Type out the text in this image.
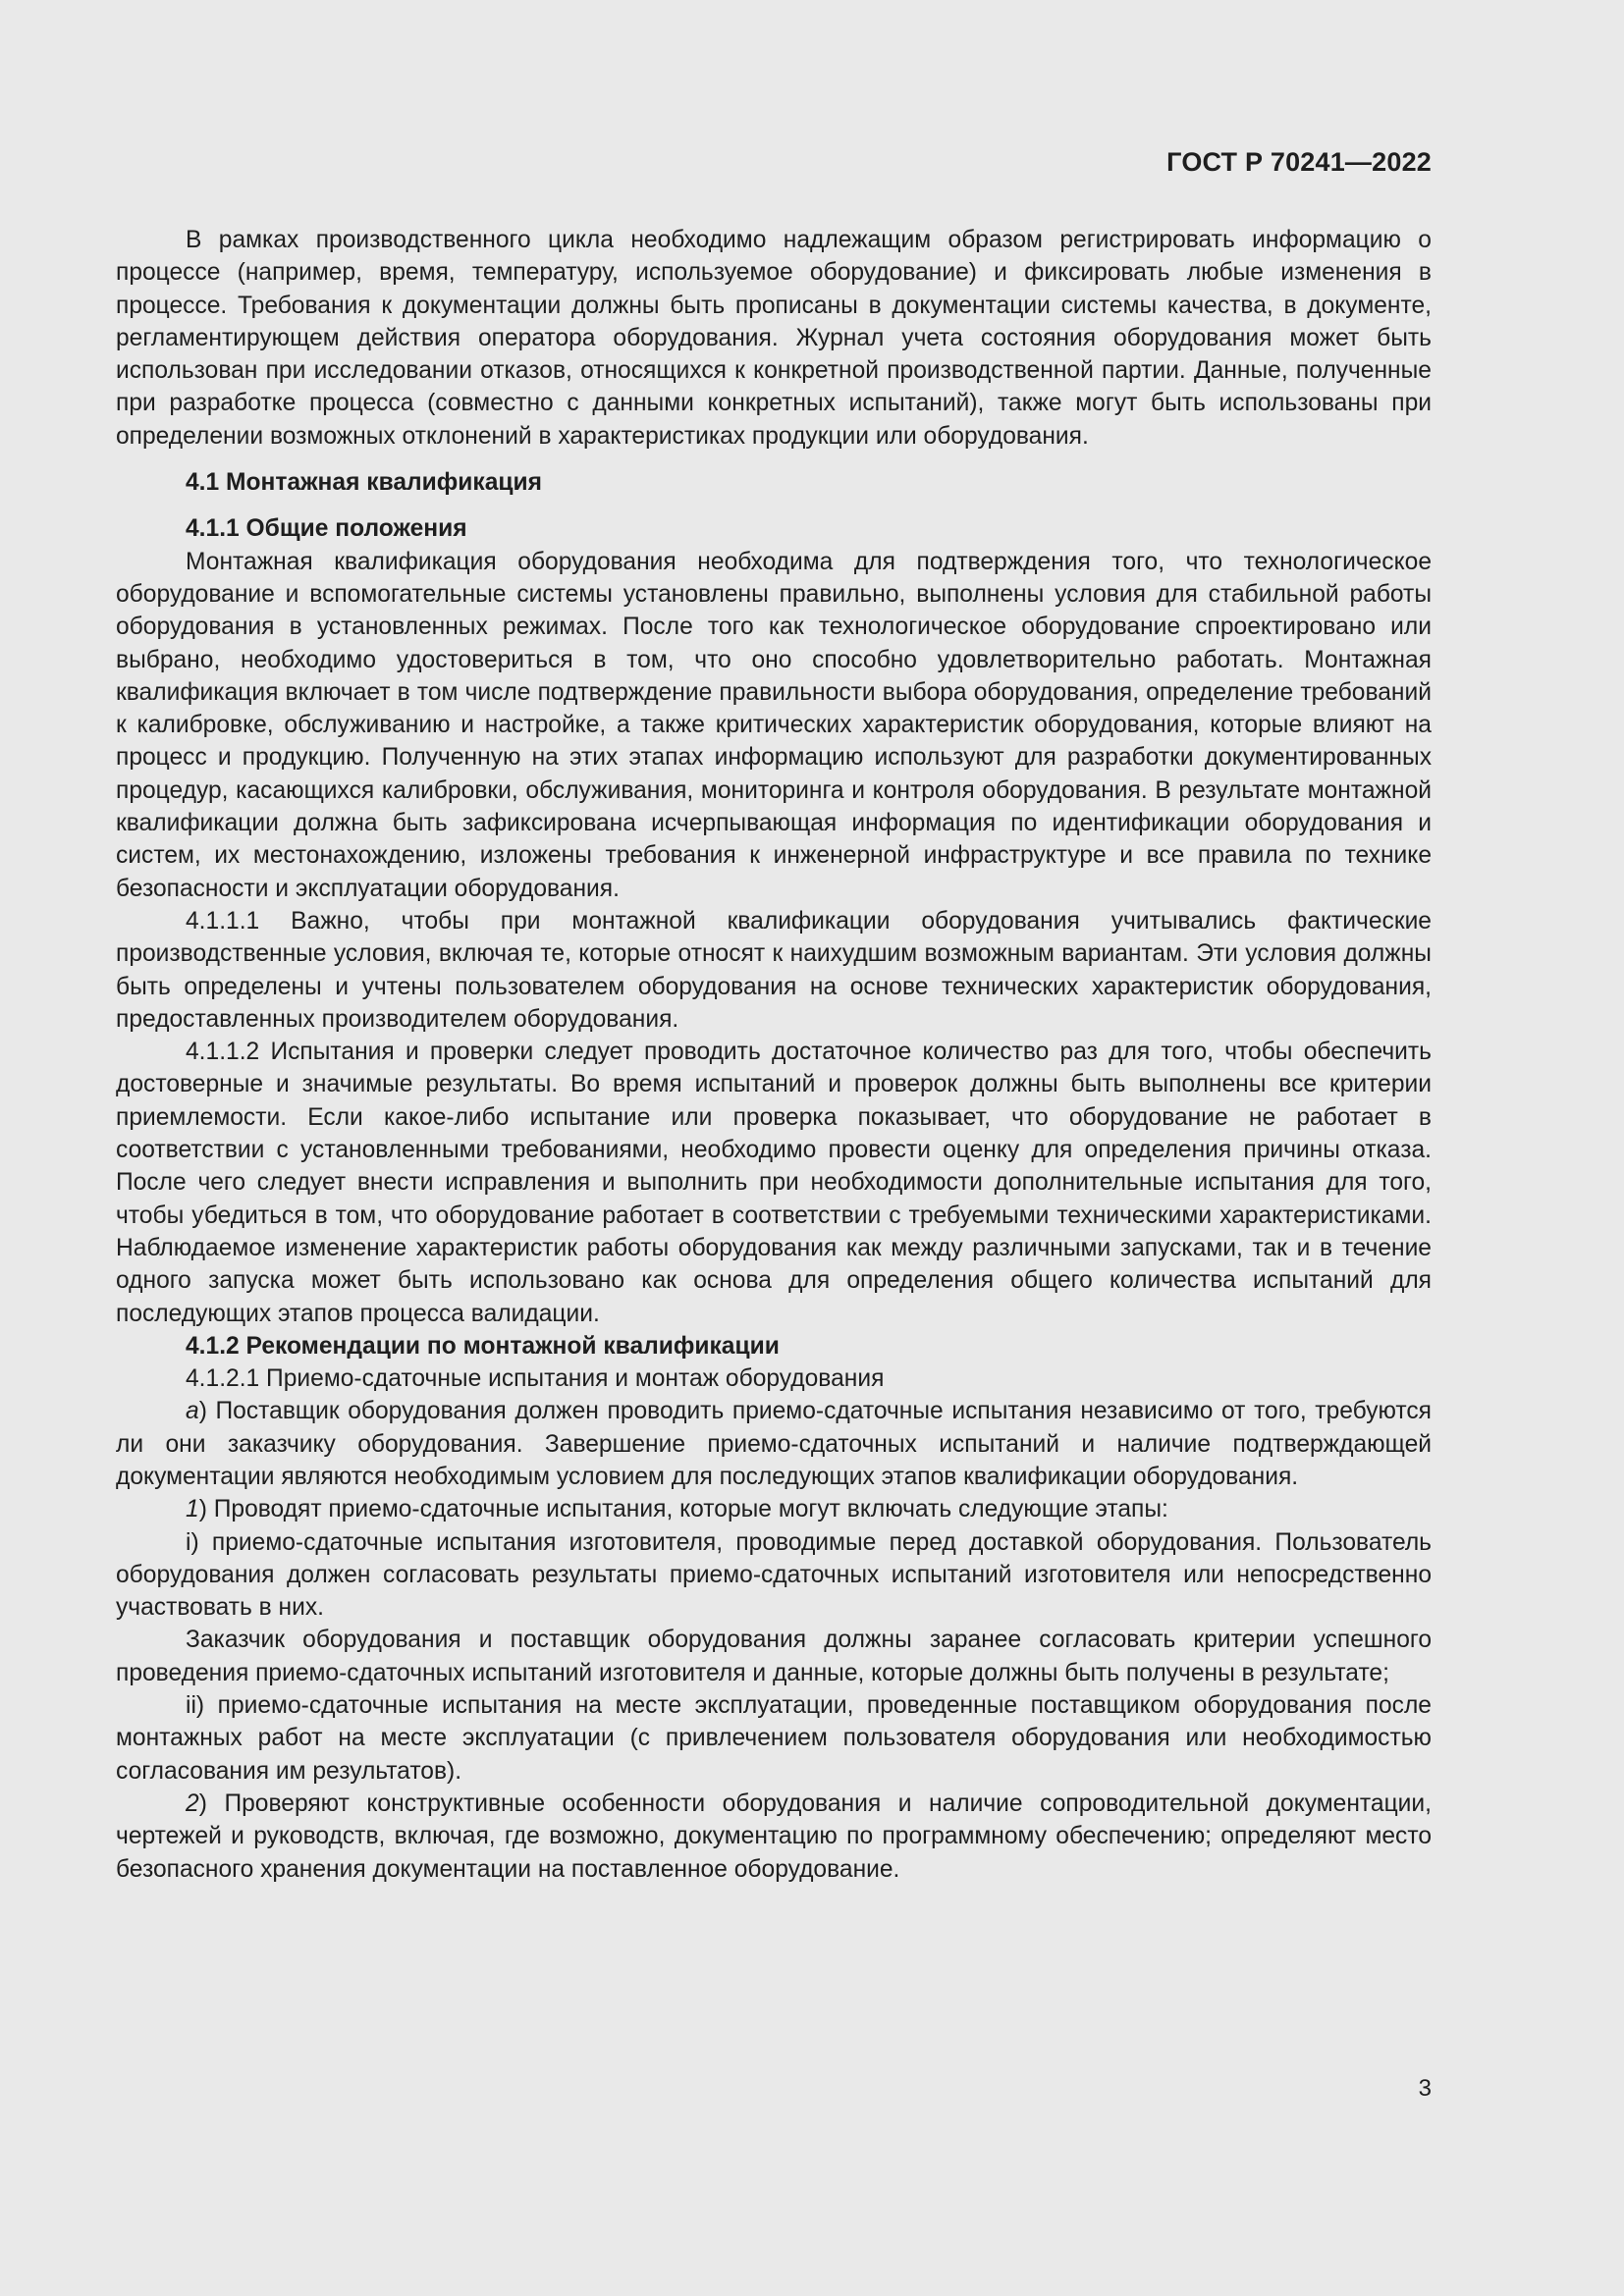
ГОСТ Р 70241—2022

В рамках производственного цикла необходимо надлежащим образом регистрировать информацию о процессе (например, время, температуру, используемое оборудование) и фиксировать любые изменения в процессе. Требования к документации должны быть прописаны в документации системы качества, в документе, регламентирующем действия оператора оборудования. Журнал учета состояния оборудования может быть использован при исследовании отказов, относящихся к конкретной производственной партии. Данные, полученные при разработке процесса (совместно с данными конкретных испытаний), также могут быть использованы при определении возможных отклонений в характеристиках продукции или оборудования.

4.1 Монтажная квалификация
4.1.1 Общие положения

Монтажная квалификация оборудования необходима для подтверждения того, что технологическое оборудование и вспомогательные системы установлены правильно, выполнены условия для стабильной работы оборудования в установленных режимах. После того как технологическое оборудование спроектировано или выбрано, необходимо удостовериться в том, что оно способно удовлетворительно работать. Монтажная квалификация включает в том числе подтверждение правильности выбора оборудования, определение требований к калибровке, обслуживанию и настройке, а также критических характеристик оборудования, которые влияют на процесс и продукцию. Полученную на этих этапах информацию используют для разработки документированных процедур, касающихся калибровки, обслуживания, мониторинга и контроля оборудования. В результате монтажной квалификации должна быть зафиксирована исчерпывающая информация по идентификации оборудования и систем, их местонахождению, изложены требования к инженерной инфраструктуре и все правила по технике безопасности и эксплуатации оборудования.

4.1.1.1 Важно, чтобы при монтажной квалификации оборудования учитывались фактические производственные условия, включая те, которые относят к наихудшим возможным вариантам. Эти условия должны быть определены и учтены пользователем оборудования на основе технических характеристик оборудования, предоставленных производителем оборудования.

4.1.1.2 Испытания и проверки следует проводить достаточное количество раз для того, чтобы обеспечить достоверные и значимые результаты. Во время испытаний и проверок должны быть выполнены все критерии приемлемости. Если какое-либо испытание или проверка показывает, что оборудование не работает в соответствии с установленными требованиями, необходимо провести оценку для определения причины отказа. После чего следует внести исправления и выполнить при необходимости дополнительные испытания для того, чтобы убедиться в том, что оборудование работает в соответствии с требуемыми техническими характеристиками. Наблюдаемое изменение характеристик работы оборудования как между различными запусками, так и в течение одного запуска может быть использовано как основа для определения общего количества испытаний для последующих этапов процесса валидации.

4.1.2 Рекомендации по монтажной квалификации

4.1.2.1 Приемо-сдаточные испытания и монтаж оборудования

а) Поставщик оборудования должен проводить приемо-сдаточные испытания независимо от того, требуются ли они заказчику оборудования. Завершение приемо-сдаточных испытаний и наличие подтверждающей документации являются необходимым условием для последующих этапов квалификации оборудования.

1) Проводят приемо-сдаточные испытания, которые могут включать следующие этапы:

i) приемо-сдаточные испытания изготовителя, проводимые перед доставкой оборудования. Пользователь оборудования должен согласовать результаты приемо-сдаточных испытаний изготовителя или непосредственно участвовать в них.

Заказчик оборудования и поставщик оборудования должны заранее согласовать критерии успешного проведения приемо-сдаточных испытаний изготовителя и данные, которые должны быть получены в результате;

ii) приемо-сдаточные испытания на месте эксплуатации, проведенные поставщиком оборудования после монтажных работ на месте эксплуатации (с привлечением пользователя оборудования или необходимостью согласования им результатов).

2) Проверяют конструктивные особенности оборудования и наличие сопроводительной документации, чертежей и руководств, включая, где возможно, документацию по программному обеспечению; определяют место безопасного хранения документации на поставленное оборудование.

3
